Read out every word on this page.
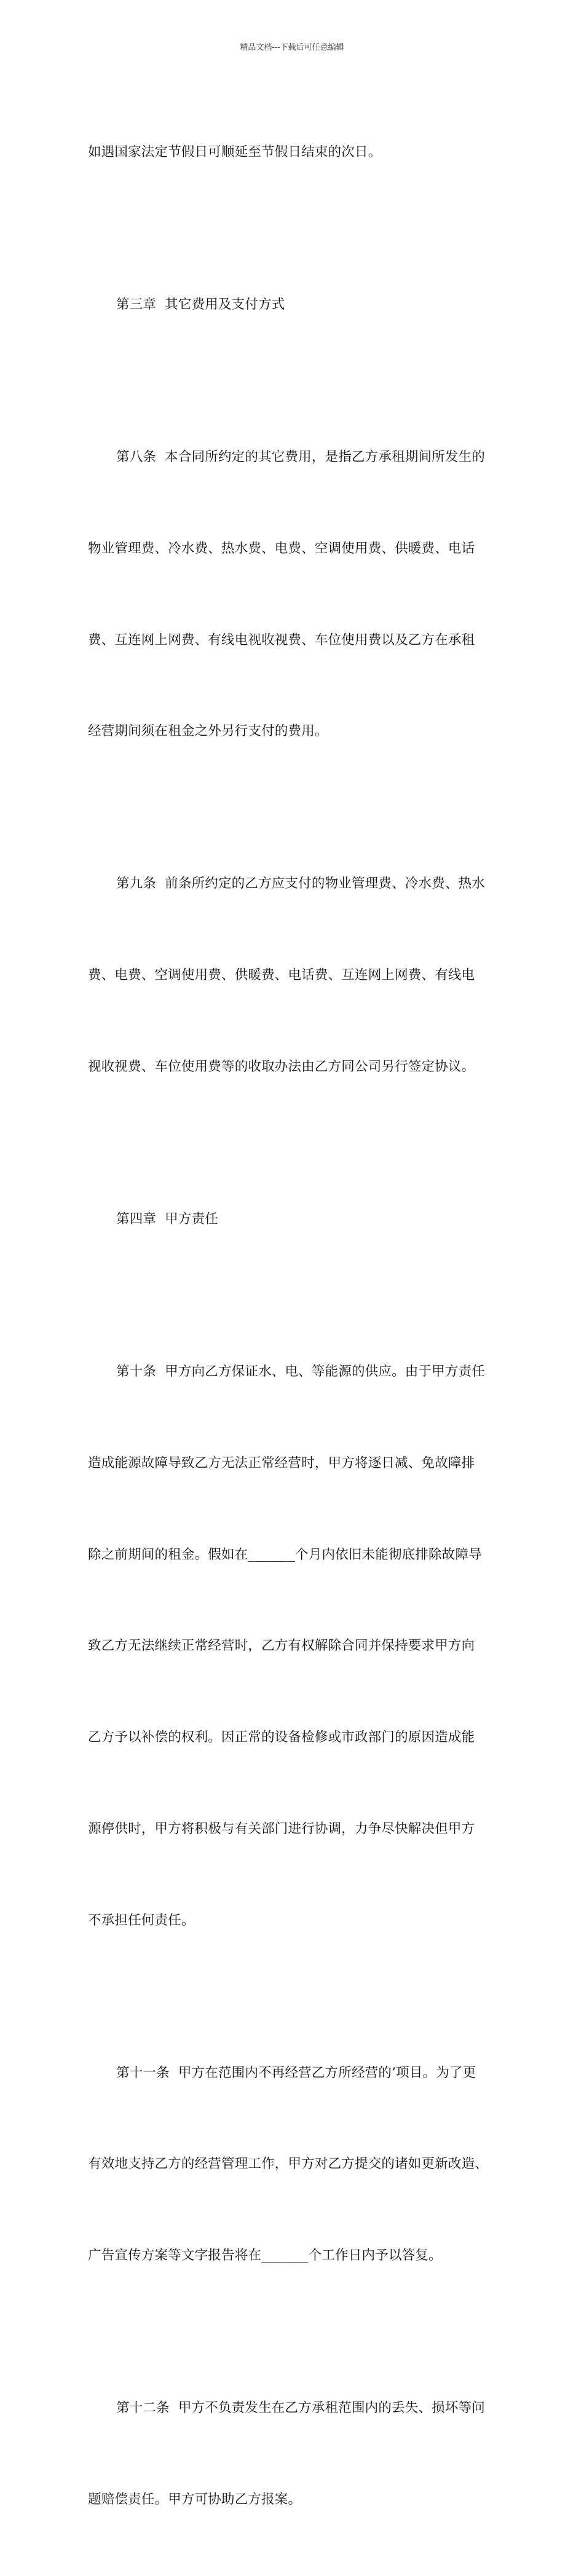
精品文档---下载后可任意编辑

如遇国家法定节假日可顺延至节假日结束的次日。

第三章  其它费用及支付方式

第八条  本合同所约定的其它费用，是指乙方承租期间所发生的

物业管理费、冷水费、热水费、电费、空调使用费、供暖费、电话

费、互连网上网费、有线电视收视费、车位使用费以及乙方在承租

经营期间须在租金之外另行支付的费用。

第九条  前条所约定的乙方应支付的物业管理费、冷水费、热水

费、电费、空调使用费、供暖费、电话费、互连网上网费、有线电

视收视费、车位使用费等的收取办法由乙方同公司另行签定协议。

第四章  甲方责任

第十条  甲方向乙方保证水、电、等能源的供应。由于甲方责任

造成能源故障导致乙方无法正常经营时，甲方将逐日减、免故障排

除之前期间的租金。假如在_______个月内依旧未能彻底排除故障导

致乙方无法继续正常经营时，乙方有权解除合同并保持要求甲方向

乙方予以补偿的权利。因正常的设备检修或市政部门的原因造成能

源停供时，甲方将积极与有关部门进行协调，力争尽快解决但甲方

不承担任何责任。

第十一条  甲方在范围内不再经营乙方所经营的’项目。为了更

有效地支持乙方的经营管理工作，甲方对乙方提交的诸如更新改造、

广告宣传方案等文字报告将在_______个工作日内予以答复。

第十二条  甲方不负责发生在乙方承租范围内的丢失、损坏等问

题赔偿责任。甲方可协助乙方报案。
